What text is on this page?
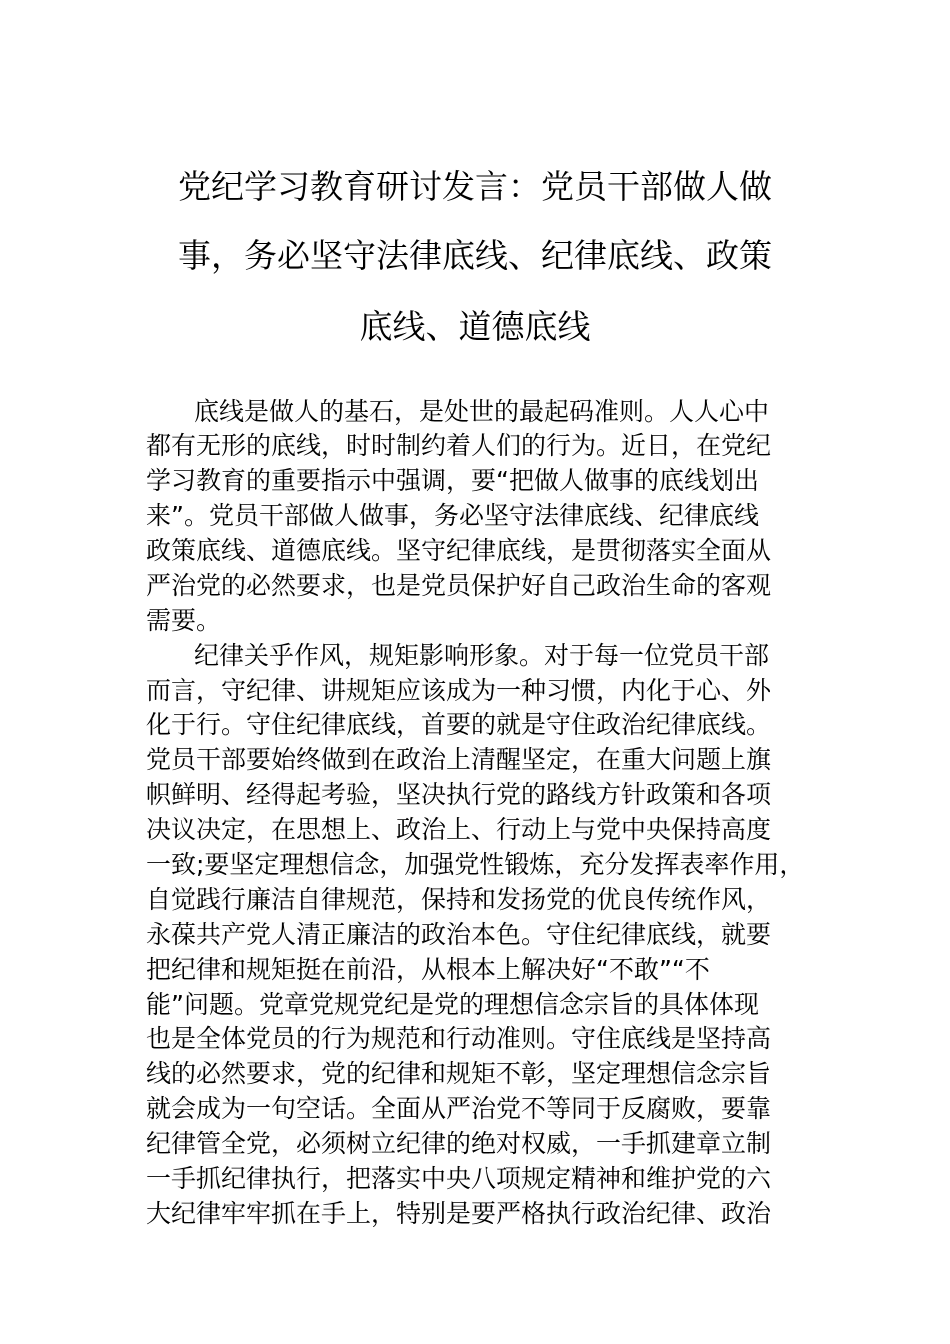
党纪学习教育研讨发言：党员干部做人做
事，务必坚守法律底线、纪律底线、政策
底线、道德底线

底线是做人的基石，是处世的最起码准则。人人心中

都有无形的底线，时时制约着人们的行为。近日，在党纪

学习教育的重要指示中强调，要“把做人做事的底线划出

来”。党员干部做人做事，务必坚守法律底线、纪律底线

政策底线、道德底线。坚守纪律底线，是贯彻落实全面从

严治党的必然要求，也是党员保护好自己政治生命的客观

需要。

纪律关乎作风，规矩影响形象。对于每一位党员干部

而言，守纪律、讲规矩应该成为一种习惯，内化于心、外

化于行。守住纪律底线，首要的就是守住政治纪律底线。

党员干部要始终做到在政治上清醒坚定，在重大问题上旗

帜鲜明、经得起考验，坚决执行党的路线方针政策和各项

决议决定，在思想上、政治上、行动上与党中央保持高度

一致;要坚定理想信念，加强党性锻炼，充分发挥表率作用，

自觉践行廉洁自律规范，保持和发扬党的优良传统作风，

永葆共产党人清正廉洁的政治本色。守住纪律底线，就要

把纪律和规矩挺在前沿，从根本上解决好“不敢”“不

能”问题。党章党规党纪是党的理想信念宗旨的具体体现

也是全体党员的行为规范和行动准则。守住底线是坚持高

线的必然要求，党的纪律和规矩不彰，坚定理想信念宗旨

就会成为一句空话。全面从严治党不等同于反腐败，要靠

纪律管全党，必须树立纪律的绝对权威，一手抓建章立制

一手抓纪律执行，把落实中央八项规定精神和维护党的六

大纪律牢牢抓在手上，特别是要严格执行政治纪律、政治
